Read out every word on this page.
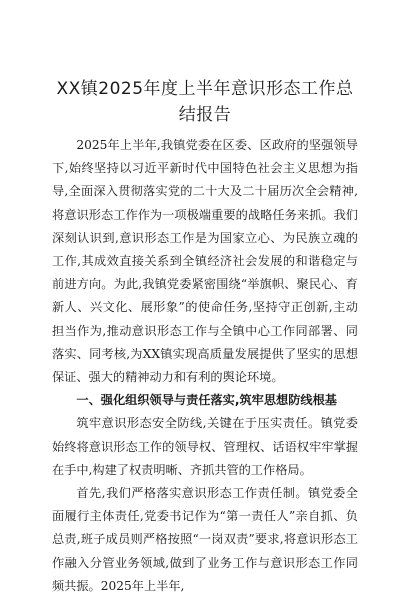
XX镇2025年度上半年意识形态工作总结报告

2025年上半年,我镇党委在区委、区政府的坚强领导下,始终坚持以习近平新时代中国特色社会主义思想为指导,全面深入贯彻落实党的二十大及二十届历次全会精神,将意识形态工作作为一项极端重要的战略任务来抓。我们深刻认识到,意识形态工作是为国家立心、为民族立魂的工作,其成效直接关系到全镇经济社会发展的和谐稳定与前进方向。为此,我镇党委紧密围绕“举旗帜、聚民心、育新人、兴文化、展形象”的使命任务,坚持守正创新,主动担当作为,推动意识形态工作与全镇中心工作同部署、同落实、同考核,为XX镇实现高质量发展提供了坚实的思想保证、强大的精神动力和有利的舆论环境。

一、强化组织领导与责任落实,筑牢思想防线根基

筑牢意识形态安全防线,关键在于压实责任。镇党委始终将意识形态工作的领导权、管理权、话语权牢牢掌握在手中,构建了权责明晰、齐抓共管的工作格局。

首先,我们严格落实意识形态工作责任制。镇党委全面履行主体责任,党委书记作为“第一责任人”亲自抓、负总责,班子成员则严格按照“一岗双责”要求,将意识形态工作融入分管业务领域,做到了业务工作与意识形态工作同频共振。2025年上半年,
